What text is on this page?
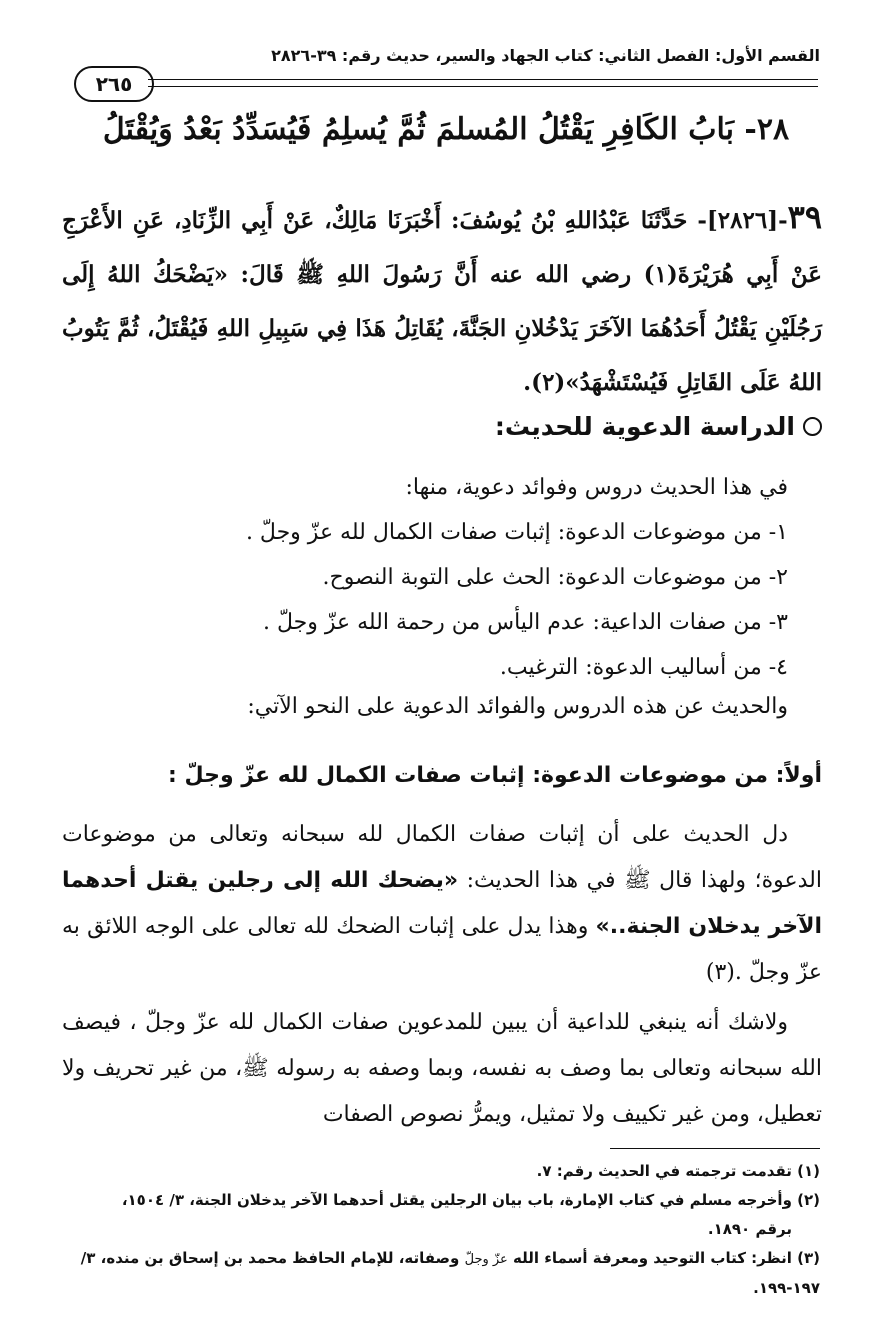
القسم الأول: الفصل الثاني: كتاب الجهاد والسير، حديث رقم: ٣٩-٢٨٢٦
٢٦٥
٢٨- بَابُ الكَافِرِ يَقْتُلُ المُسلمَ ثُمَّ يُسلِمُ فَيُسَدِّدُ بَعْدُ وَيُقْتَلُ
٣٩-[٢٨٢٦]- حَدَّثَنَا عَبْدُاللهِ بْنُ يُوسُفَ: أَخْبَرَنَا مَالِكٌ، عَنْ أَبِي الزِّنَادِ، عَنِ الأَعْرَجِ عَنْ أَبِي هُرَيْرَةَ(١) رضي الله عنه أَنَّ رَسُولَ اللهِ ﷺ قَالَ: «يَضْحَكُ اللهُ إِلَى رَجُلَيْنِ يَقْتُلُ أَحَدُهُمَا الآخَرَ يَدْخُلانِ الجَنَّةَ، يُقَاتِلُ هَذَا فِي سَبِيلِ اللهِ فَيُقْتَلُ، ثُمَّ يَتُوبُ اللهُ عَلَى القَاتِلِ فَيُسْتَشْهَدُ»(٢).
الدراسة الدعوية للحديث:

في هذا الحديث دروس وفوائد دعوية، منها:

١- من موضوعات الدعوة: إثبات صفات الكمال لله عزّ وجلّ .
٢- من موضوعات الدعوة: الحث على التوبة النصوح.
٣- من صفات الداعية: عدم اليأس من رحمة الله عزّ وجلّ .
٤- من أساليب الدعوة: الترغيب.
والحديث عن هذه الدروس والفوائد الدعوية على النحو الآتي:
أولاً: من موضوعات الدعوة: إثبات صفات الكمال لله عزّ وجلّ :
دل الحديث على أن إثبات صفات الكمال لله سبحانه وتعالى من موضوعات الدعوة؛ ولهذا قال ﷺ في هذا الحديث: «يضحك الله إلى رجلين يقتل أحدهما الآخر يدخلان الجنة..» وهذا يدل على إثبات الضحك لله تعالى على الوجه اللائق به عزّ وجلّ .(٣)
ولاشك أنه ينبغي للداعية أن يبين للمدعوين صفات الكمال لله عزّ وجلّ ، فيصف الله سبحانه وتعالى بما وصف به نفسه، وبما وصفه به رسوله ﷺ، من غير تحريف ولا تعطيل، ومن غير تكييف ولا تمثيل، ويمرُّ نصوص الصفات

(١) تقدمت ترجمته في الحديث رقم: ٧.

(٢) وأخرجه مسلم في كتاب الإمارة، باب بيان الرجلين يقتل أحدهما الآخر يدخلان الجنة، ٣/ ١٥٠٤،

برقم ١٨٩٠.

(٣) انظر: كتاب التوحيد ومعرفة أسماء الله عزّ وجلّ وصفاته، للإمام الحافظ محمد بن إسحاق بن منده، ٣/ ١٩٧-١٩٩.
